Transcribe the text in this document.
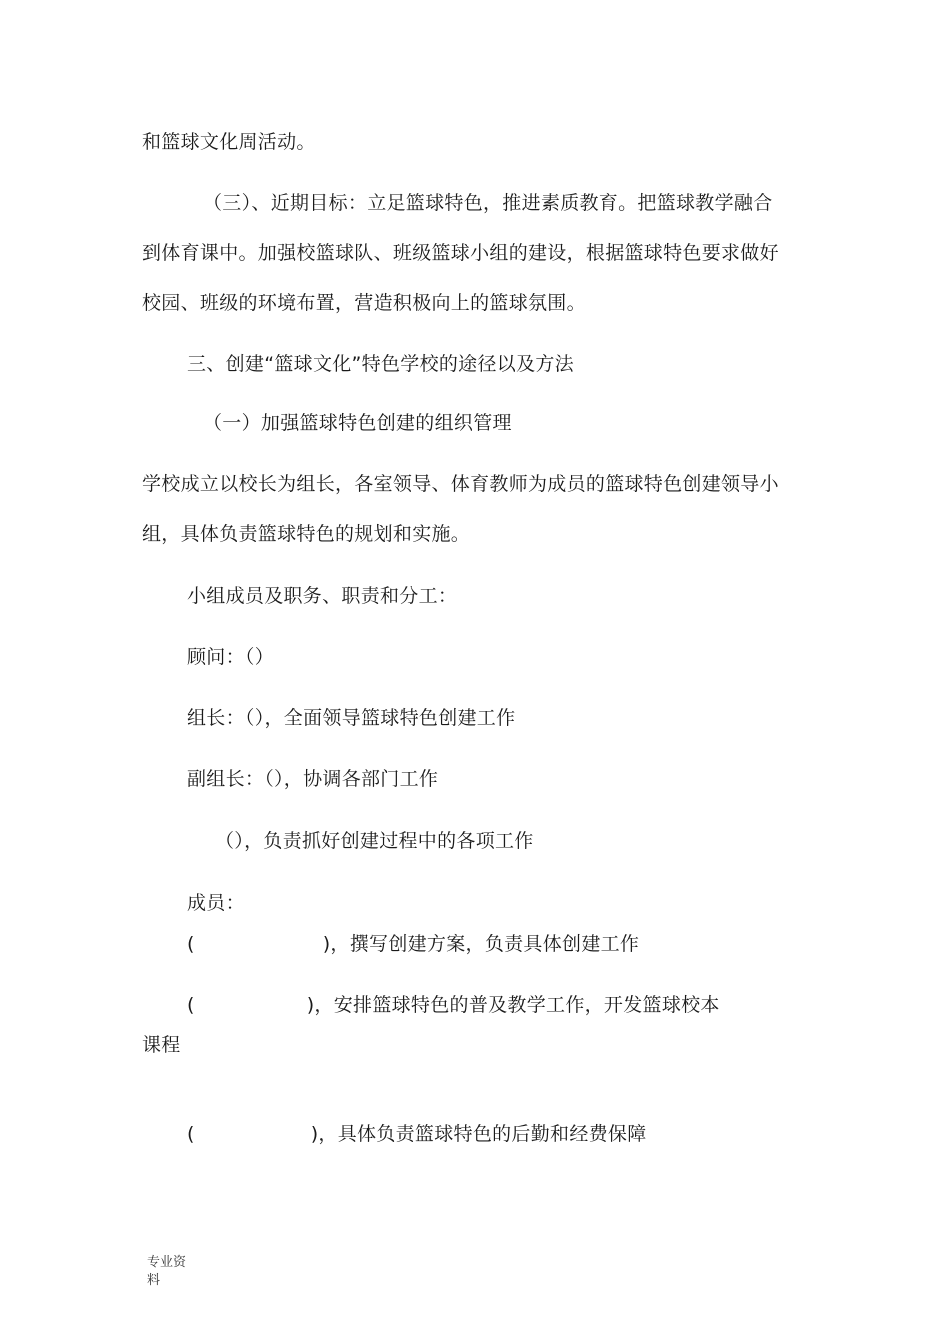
和篮球文化周活动。
（三）、近期目标：立足篮球特色，推进素质教育。把篮球教学融合
到体育课中。加强校篮球队、班级篮球小组的建设，根据篮球特色要求做好
校园、班级的环境布置，营造积极向上的篮球氛围。
三、创建“篮球文化”特色学校的途径以及方法
（一）加强篮球特色创建的组织管理
学校成立以校长为组长，各室领导、体育教师为成员的篮球特色创建领导小
组，具体负责篮球特色的规划和实施。
小组成员及职务、职责和分工：
顾问：（）
组长：（），全面领导篮球特色创建工作
副组长：（），协调各部门工作
（），负责抓好创建过程中的各项工作
成员：
(	)，撰写创建方案，负责具体创建工作
(	)，安排篮球特色的普及教学工作，开发篮球校本
课程
(	)，具体负责篮球特色的后勤和经费保障
专业资
料
